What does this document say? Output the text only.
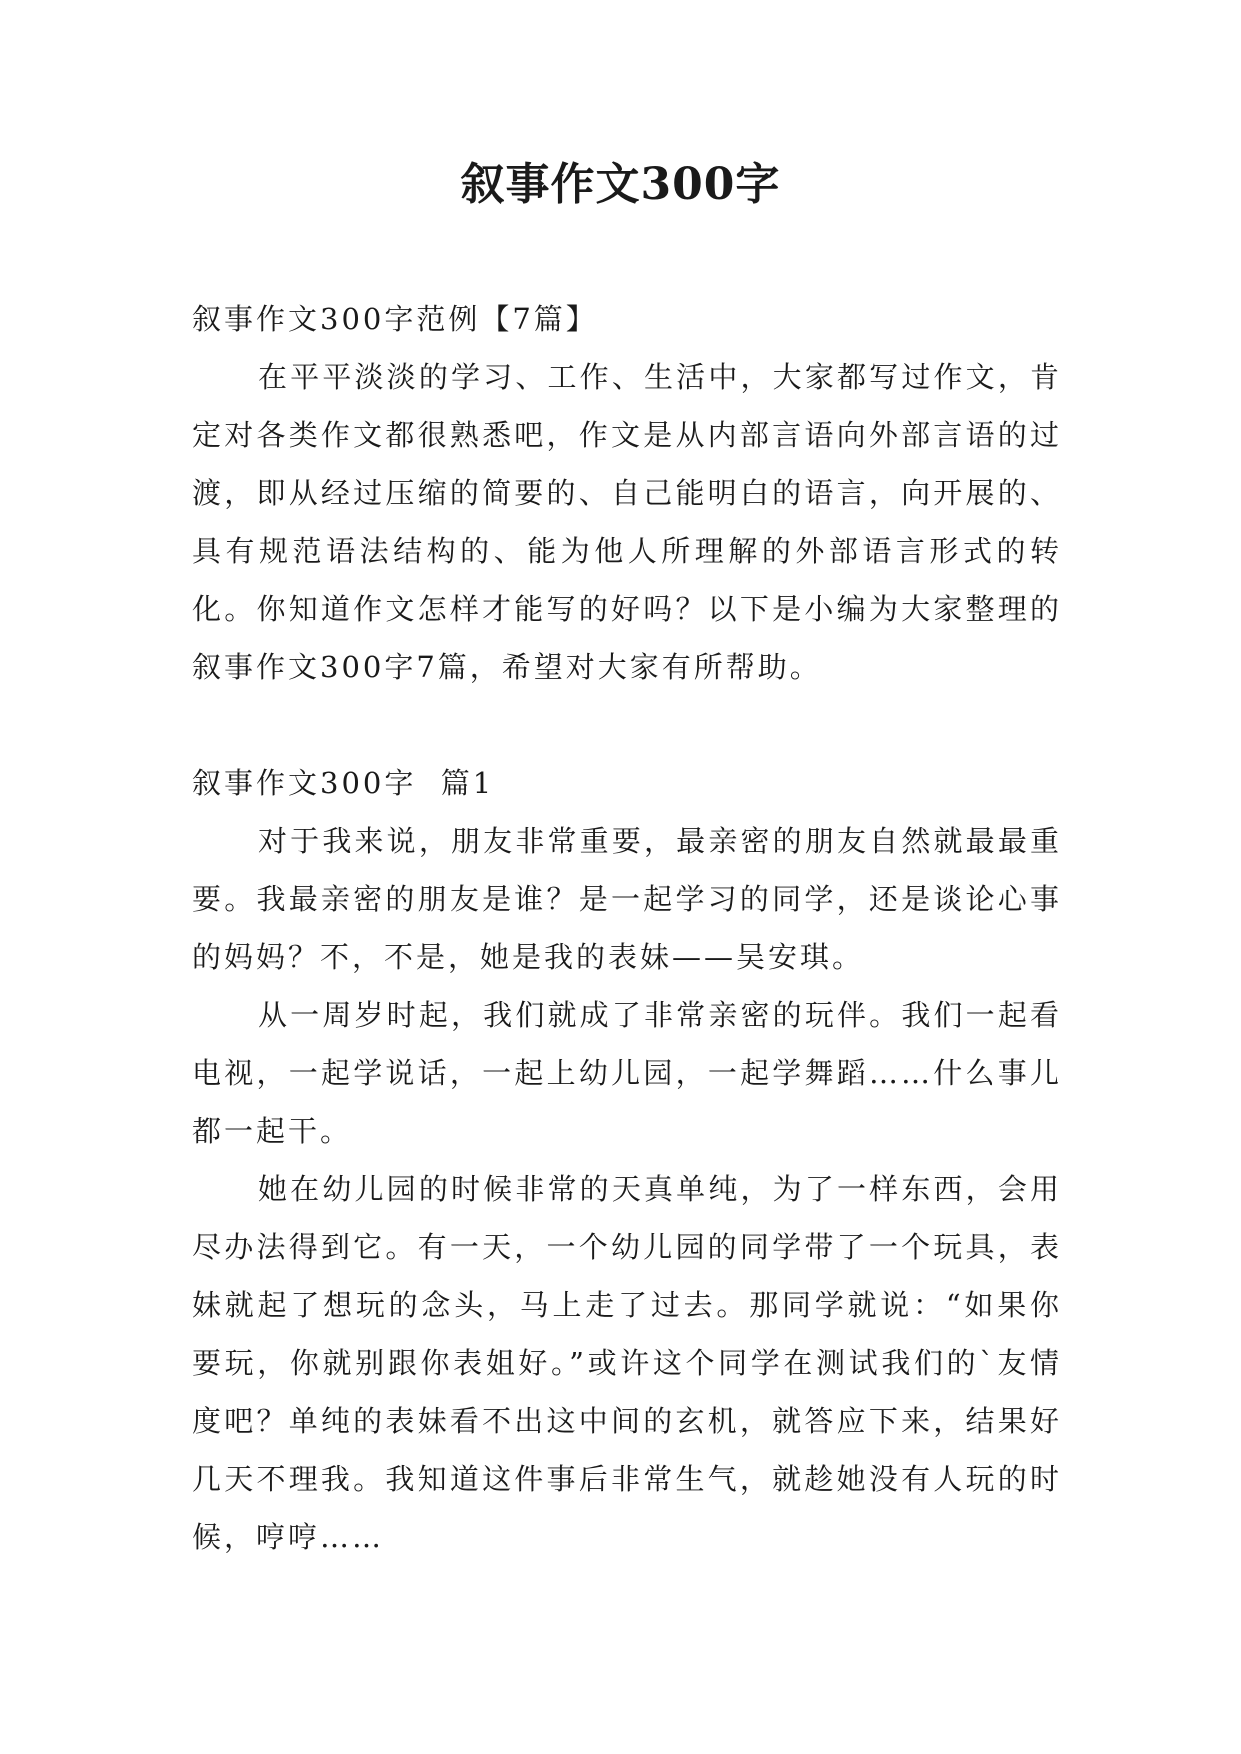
叙事作文300字

叙事作文300字范例【7篇】

在平平淡淡的学习、工作、生活中，大家都写过作文，肯定对各类作文都很熟悉吧，作文是从内部言语向外部言语的过渡，即从经过压缩的简要的、自己能明白的语言，向开展的、具有规范语法结构的、能为他人所理解的外部语言形式的转化。你知道作文怎样才能写的好吗？以下是小编为大家整理的叙事作文300字7篇，希望对大家有所帮助。

叙事作文300字  篇1

对于我来说，朋友非常重要，最亲密的朋友自然就最最重要。我最亲密的朋友是谁？是一起学习的同学，还是谈论心事的妈妈？不，不是，她是我的表妹——吴安琪。

从一周岁时起，我们就成了非常亲密的玩伴。我们一起看电视，一起学说话，一起上幼儿园，一起学舞蹈……什么事儿都一起干。

她在幼儿园的时候非常的天真单纯，为了一样东西，会用尽办法得到它。有一天，一个幼儿园的同学带了一个玩具，表妹就起了想玩的念头，马上走了过去。那同学就说：“如果你要玩，你就别跟你表姐好。”或许这个同学在测试我们的`友情度吧？单纯的表妹看不出这中间的玄机，就答应下来，结果好几天不理我。我知道这件事后非常生气，就趁她没有人玩的时候，哼哼……
